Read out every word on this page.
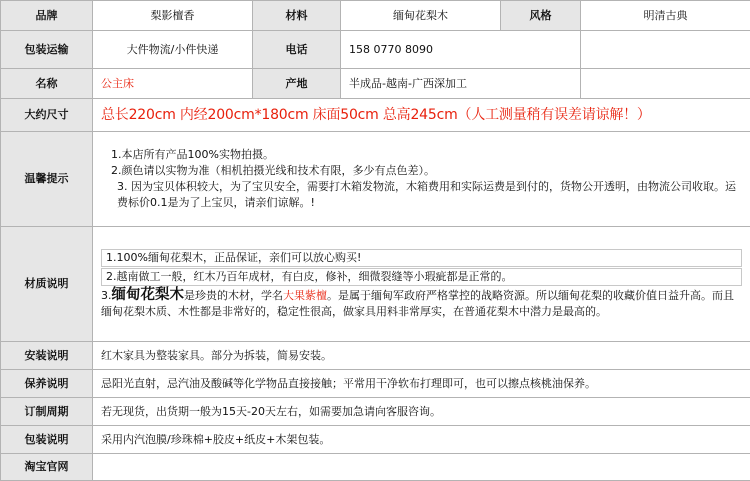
品牌	梨影檀香	材料	缅甸花梨木	风格	明清古典
包装运输	大件物流/小件快递	电话	158 0770 8090		
名称	公主床	产地	半成品-越南-广西深加工		
大约尺寸	总长220cm 内经200cm*180cm 床面50cm 总高245cm（人工测量稍有误差请谅解！）				
温馨提示	1.本店所有产品100%实物拍摄。
2.颜色请以实物为准（相机拍摄光线和技术有限，多少有点色差）。
3. 因为宝贝体积较大，为了宝贝安全，需要打木箱发物流，木箱费用和实际运费是到付的，货物公开透明，由物流公司收取。运费标价0.1是为了上宝贝，请亲们谅解。!				

材质说明	1.100%缅甸花梨木，正品保证，亲们可以放心购买!
2.越南做工一般，红木乃百年成材，有白皮，修补，细微裂缝等小瑕疵都是正常的。
3.缅甸花梨木是珍贵的木材，学名大果紫檀。是属于缅甸军政府严格掌控的战略资源。所以缅甸花梨的收藏价值日益升高。而且缅甸花梨木质、木性都是非常好的，稳定性很高，做家具用料非常厚实，在普通花梨木中潜力是最高的。				

安装说明	红木家具为整装家具。部分为拆装，简易安装。				
保养说明	忌阳光直射，忌汽油及酸碱等化学物品直接接触；平常用干净软布打理即可，也可以擦点核桃油保养。				
订制周期	若无现货，出货期一般为15天-20天左右，如需要加急请向客服咨询。				
包装说明	采用内汽泡膜/珍珠棉+胶皮+纸皮+木架包装。				
淘宝官网					
